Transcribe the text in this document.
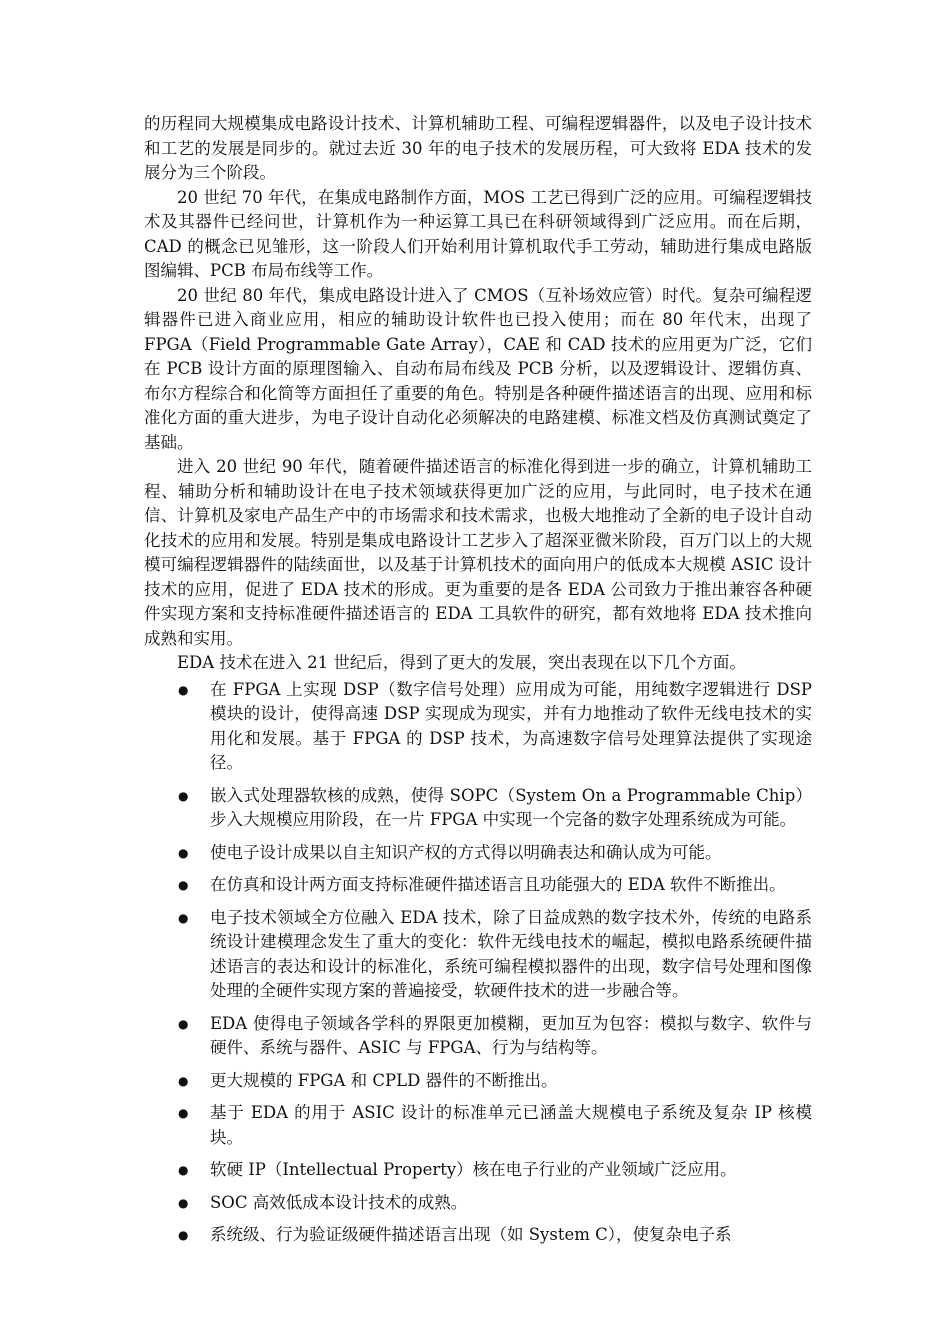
的历程同大规模集成电路设计技术、计算机辅助工程、可编程逻辑器件，以及电子设计技术和工艺的发展是同步的。就过去近 30 年的电子技术的发展历程，可大致将 EDA 技术的发展分为三个阶段。

20 世纪 70 年代，在集成电路制作方面，MOS 工艺已得到广泛的应用。可编程逻辑技术及其器件已经问世，计算机作为一种运算工具已在科研领域得到广泛应用。而在后期，CAD 的概念已见雏形，这一阶段人们开始利用计算机取代手工劳动，辅助进行集成电路版图编辑、PCB 布局布线等工作。

20 世纪 80 年代，集成电路设计进入了 CMOS（互补场效应管）时代。复杂可编程逻辑器件已进入商业应用，相应的辅助设计软件也已投入使用；而在 80 年代末，出现了 FPGA（Field Programmable Gate Array），CAE 和 CAD 技术的应用更为广泛，它们在 PCB 设计方面的原理图输入、自动布局布线及 PCB 分析，以及逻辑设计、逻辑仿真、布尔方程综合和化简等方面担任了重要的角色。特别是各种硬件描述语言的出现、应用和标准化方面的重大进步，为电子设计自动化必须解决的电路建模、标准文档及仿真测试奠定了基础。

进入 20 世纪 90 年代，随着硬件描述语言的标准化得到进一步的确立，计算机辅助工程、辅助分析和辅助设计在电子技术领域获得更加广泛的应用，与此同时，电子技术在通信、计算机及家电产品生产中的市场需求和技术需求，也极大地推动了全新的电子设计自动化技术的应用和发展。特别是集成电路设计工艺步入了超深亚微米阶段，百万门以上的大规模可编程逻辑器件的陆续面世，以及基于计算机技术的面向用户的低成本大规模 ASIC 设计技术的应用，促进了 EDA 技术的形成。更为重要的是各 EDA 公司致力于推出兼容各种硬件实现方案和支持标准硬件描述语言的 EDA 工具软件的研究，都有效地将 EDA 技术推向成熟和实用。

EDA 技术在进入 21 世纪后，得到了更大的发展，突出表现在以下几个方面。

● 在 FPGA 上实现 DSP（数字信号处理）应用成为可能，用纯数字逻辑进行 DSP 模块的设计，使得高速 DSP 实现成为现实，并有力地推动了软件无线电技术的实用化和发展。基于 FPGA 的 DSP 技术，为高速数字信号处理算法提供了实现途径。
● 嵌入式处理器软核的成熟，使得 SOPC（System On a Programmable Chip）步入大规模应用阶段，在一片 FPGA 中实现一个完备的数字处理系统成为可能。
● 使电子设计成果以自主知识产权的方式得以明确表达和确认成为可能。
● 在仿真和设计两方面支持标准硬件描述语言且功能强大的 EDA 软件不断推出。
● 电子技术领域全方位融入 EDA 技术，除了日益成熟的数字技术外，传统的电路系统设计建模理念发生了重大的变化：软件无线电技术的崛起，模拟电路系统硬件描述语言的表达和设计的标准化，系统可编程模拟器件的出现，数字信号处理和图像处理的全硬件实现方案的普遍接受，软硬件技术的进一步融合等。
● EDA 使得电子领域各学科的界限更加模糊，更加互为包容：模拟与数字、软件与硬件、系统与器件、ASIC 与 FPGA、行为与结构等。
● 更大规模的 FPGA 和 CPLD 器件的不断推出。
● 基于 EDA 的用于 ASIC 设计的标准单元已涵盖大规模电子系统及复杂 IP 核模块。
● 软硬 IP（Intellectual Property）核在电子行业的产业领域广泛应用。
● SOC 高效低成本设计技术的成熟。
● 系统级、行为验证级硬件描述语言出现（如 System C），使复杂电子系
